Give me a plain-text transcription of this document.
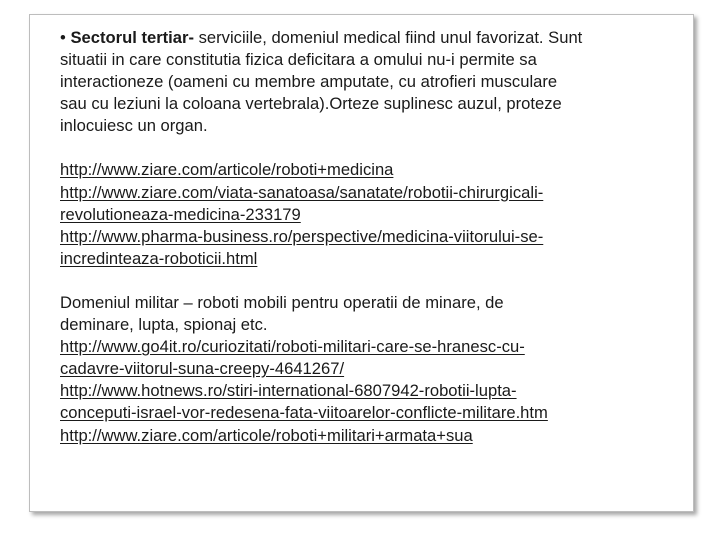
• Sectorul tertiar- serviciile, domeniul medical fiind unul favorizat. Sunt
situatii in care constitutia fizica deficitara a omului nu-i permite sa
interactioneze (oameni cu membre amputate, cu atrofieri musculare
sau cu leziuni la coloana vertebrala).Orteze suplinesc auzul, proteze
inlocuiesc un organ.
http://www.ziare.com/articole/roboti+medicina
http://www.ziare.com/viata-sanatoasa/sanatate/robotii-chirurgicali-
revolutioneaza-medicina-233179
http://www.pharma-business.ro/perspective/medicina-viitorului-se-
incredinteaza-roboticii.html
Domeniul militar – roboti mobili pentru operatii de minare, de
deminare, lupta, spionaj etc.
http://www.go4it.ro/curiozitati/roboti-militari-care-se-hranesc-cu-
cadavre-viitorul-suna-creepy-4641267/
http://www.hotnews.ro/stiri-international-6807942-robotii-lupta-
conceputi-israel-vor-redesena-fata-viitoarelor-conflicte-militare.htm
http://www.ziare.com/articole/roboti+militari+armata+sua
